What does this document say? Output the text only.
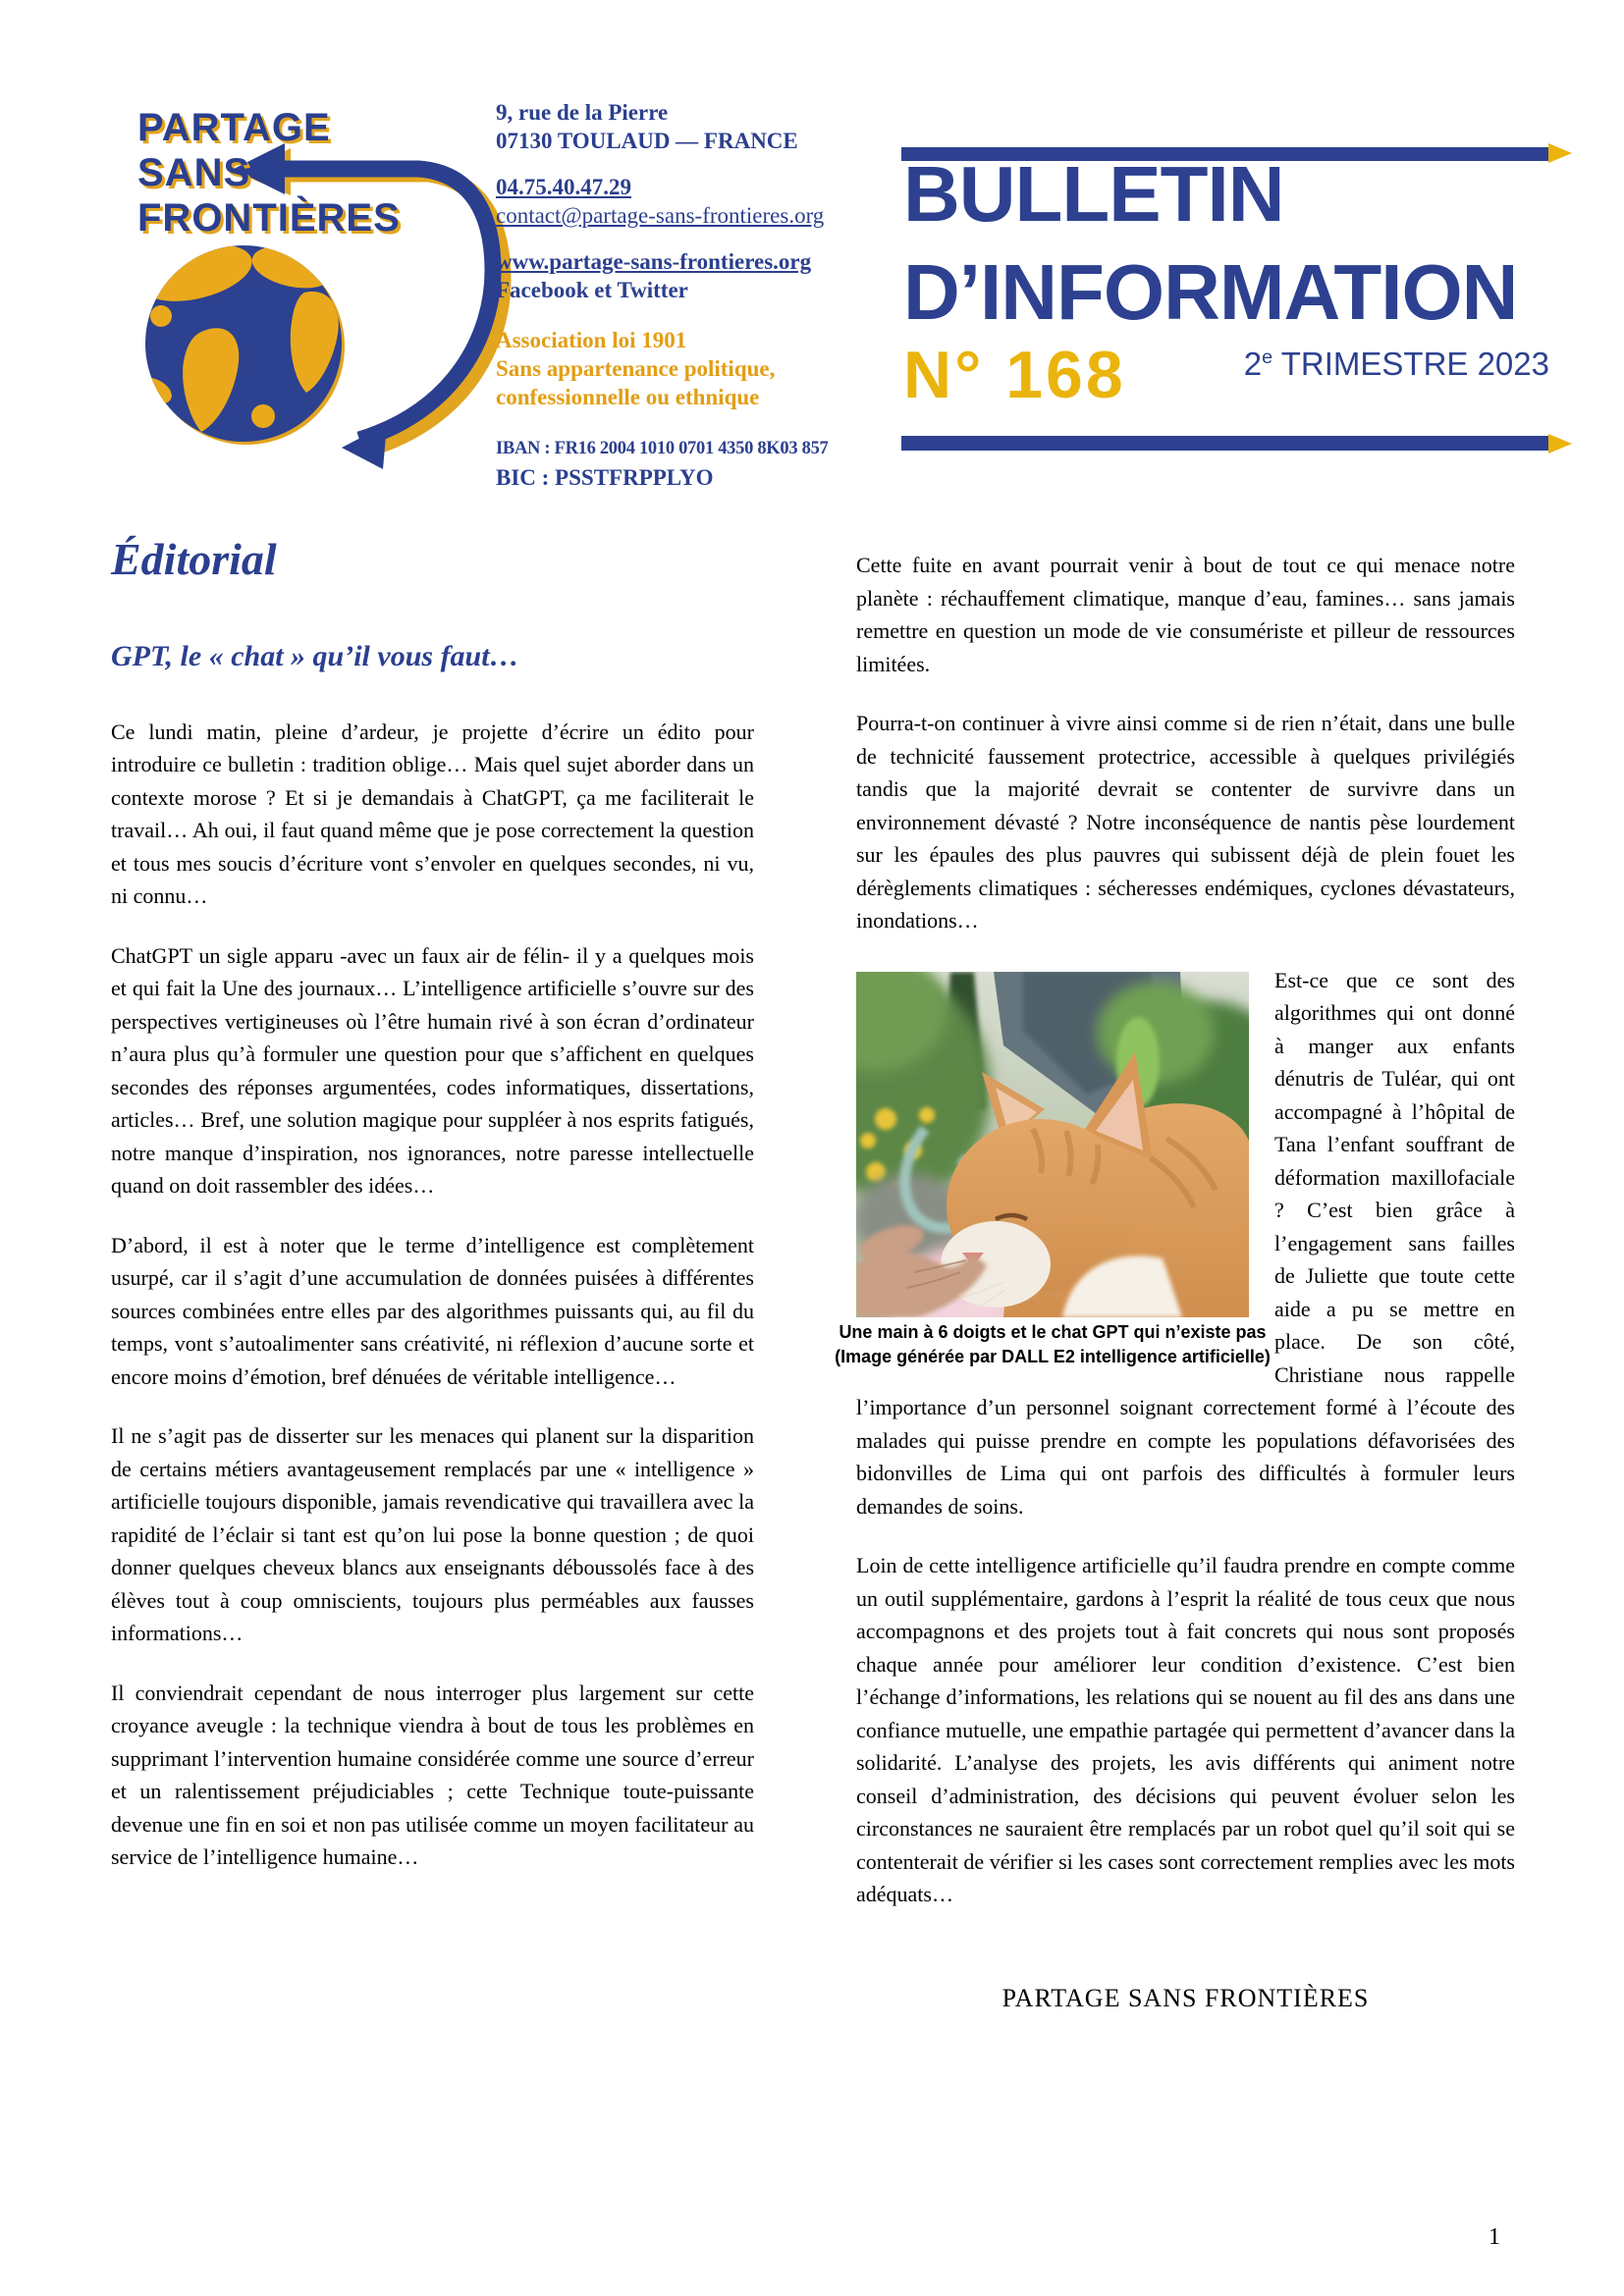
PARTAGE
SANS
FRONTIÈRES
9, rue de la Pierre
07130 TOULAUD — FRANCE
04.75.40.47.29
contact@partage-sans-frontieres.org
www.partage-sans-frontieres.org
Facebook et Twitter
Association loi 1901
Sans appartenance politique,
confessionnelle ou ethnique
IBAN : FR16 2004 1010 0701 4350 8K03 857
BIC : PSSTFRPPLYO
BULLETIN
D’INFORMATION
N° 168	2e TRIMESTRE 2023
Éditorial
GPT, le « chat » qu’il vous faut…

Ce lundi matin, pleine d’ardeur, je projette d’écrire un édito pour introduire ce bulletin : tradition oblige… Mais quel sujet aborder dans un contexte morose ? Et si je demandais à ChatGPT, ça me faciliterait le travail… Ah oui, il faut quand même que je pose correctement la question et tous mes soucis d’écriture vont s’envoler en quelques secondes, ni vu, ni connu…

ChatGPT un sigle apparu -avec un faux air de félin- il y a quelques mois et qui fait la Une des journaux… L’intelligence artificielle s’ouvre sur des perspectives vertigineuses où l’être humain rivé à son écran d’ordinateur n’aura plus qu’à formuler une question pour que s’affichent en quelques secondes des réponses argumentées, codes informatiques, dissertations, articles… Bref, une solution magique pour suppléer à nos esprits fatigués, notre manque d’inspiration, nos ignorances, notre paresse intellectuelle quand on doit rassembler des idées…

D’abord, il est à noter que le terme d’intelligence est complètement usurpé, car il s’agit d’une accumulation de données puisées à différentes sources combinées entre elles par des algorithmes puissants qui, au fil du temps, vont s’autoalimenter sans créativité, ni réflexion d’aucune sorte et encore moins d’émotion, bref dénuées de véritable intelligence…

Il ne s’agit pas de disserter sur les menaces qui planent sur la disparition de certains métiers avantageusement remplacés par une « intelligence » artificielle toujours disponible, jamais revendicative qui travaillera avec la rapidité de l’éclair si tant est qu’on lui pose la bonne question ; de quoi donner quelques cheveux blancs aux enseignants déboussolés face à des élèves tout à coup omniscients, toujours plus perméables aux fausses informations…

Il conviendrait cependant de nous interroger plus largement sur cette croyance aveugle : la technique viendra à bout de tous les problèmes en supprimant l’intervention humaine considérée comme une source d’erreur et un ralentissement préjudiciables ; cette Technique toute-puissante devenue une fin en soi et non pas utilisée comme un moyen facilitateur au service de l’intelligence humaine…

Cette fuite en avant pourrait venir à bout de tout ce qui menace notre planète : réchauffement climatique, manque d’eau, famines… sans jamais remettre en question un mode de vie consumériste et pilleur de ressources limitées.

Pourra-t-on continuer à vivre ainsi comme si de rien n’était, dans une bulle de technicité faussement protectrice, accessible à quelques privilégiés tandis que la majorité devrait se contenter de survivre dans un environnement dévasté ? Notre inconséquence de nantis pèse lourdement sur les épaules des plus pauvres qui subissent déjà de plein fouet les dérèglements climatiques : sécheresses endémiques, cyclones dévastateurs, inondations…

Une main à 6 doigts et le chat GPT qui n’existe pas
(Image générée par DALL E2 intelligence artificielle)

Est-ce que ce sont des algorithmes qui ont donné à manger aux enfants dénutris de Tuléar, qui ont accompagné à l’hôpital de Tana l’enfant souffrant de déformation maxillofaciale ? C’est bien grâce à l’engagement sans failles de Juliette que toute cette aide a pu se mettre en place. De son côté, Christiane nous rappelle l’importance d’un personnel soignant correctement formé à l’écoute des malades qui puisse prendre en compte les populations défavorisées des bidonvilles de Lima qui ont parfois des difficultés à formuler leurs demandes de soins.

Loin de cette intelligence artificielle qu’il faudra prendre en compte comme un outil supplémentaire, gardons à l’esprit la réalité de tous ceux que nous accompagnons et des projets tout à fait concrets qui nous sont proposés chaque année pour améliorer leur condition d’existence. C’est bien l’échange d’informations, les relations qui se nouent au fil des ans dans une confiance mutuelle, une empathie partagée qui permettent d’avancer dans la solidarité. L’analyse des projets, les avis différents qui animent notre conseil d’administration, des décisions qui peuvent évoluer selon les circonstances ne sauraient être remplacés par un robot quel qu’il soit qui se contenterait de vérifier si les cases sont correctement remplies avec les mots adéquats…

PARTAGE SANS FRONTIÈRES

1
